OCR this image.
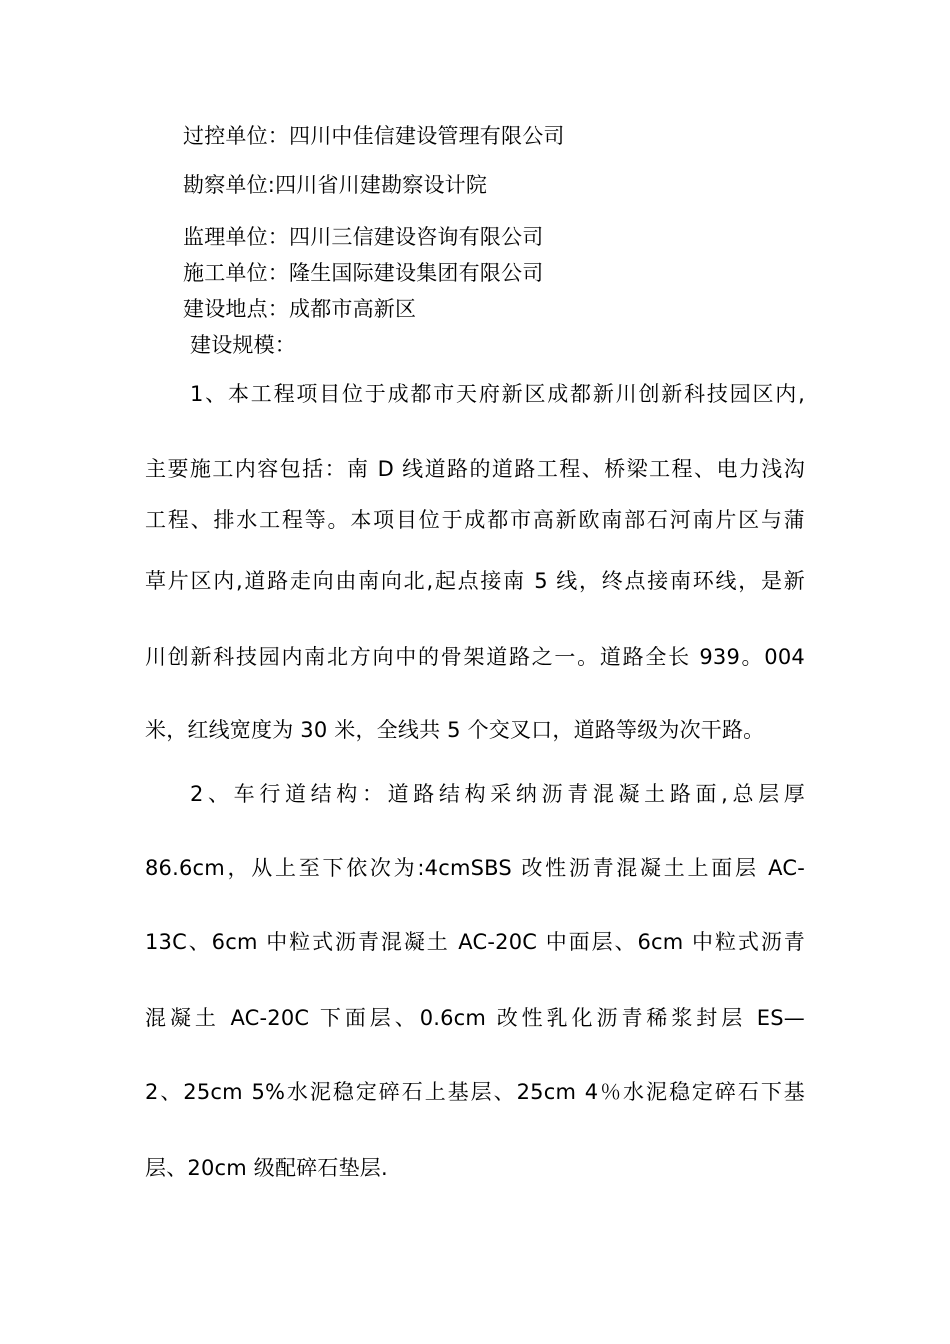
过控单位：四川中佳信建设管理有限公司
勘察单位:四川省川建勘察设计院
监理单位：四川三信建设咨询有限公司
施工单位：隆生国际建设集团有限公司
建设地点：成都市高新区
建设规模：
1、本工程项目位于成都市天府新区成都新川创新科技园区内,
主要施工内容包括：南 D 线道路的道路工程、桥梁工程、电力浅沟
工程、排水工程等。本项目位于成都市高新欧南部石河南片区与蒲
草片区内,道路走向由南向北,起点接南 5 线，终点接南环线，是新
川创新科技园内南北方向中的骨架道路之一。道路全长 939。004
米，红线宽度为 30 米，全线共 5 个交叉口，道路等级为次干路。
2、车行道结构：道路结构采纳沥青混凝土路面,总层厚
86.6cm，从上至下依次为:4cmSBS 改性沥青混凝土上面层 AC-
13C、6cm 中粒式沥青混凝土 AC-20C 中面层、6cm 中粒式沥青
混凝土 AC-20C 下面层、0.6cm 改性乳化沥青稀浆封层 ES—
2、25cm 5%水泥稳定碎石上基层、25cm 4％水泥稳定碎石下基
层、20cm 级配碎石垫层.
